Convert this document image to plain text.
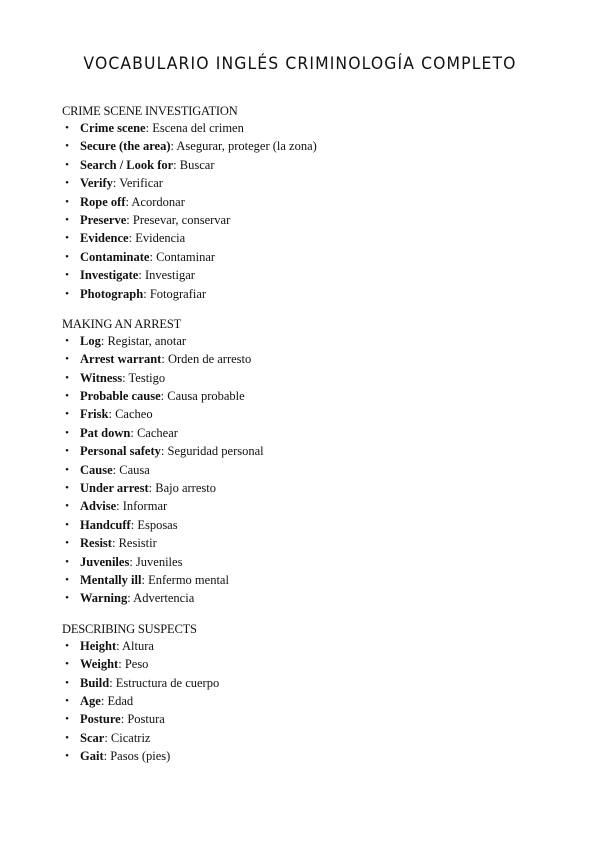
VOCABULARIO INGLÉS CRIMINOLOGÍA COMPLETO
CRIME SCENE INVESTIGATION
• Crime scene: Escena del crimen
• Secure (the area): Asegurar, proteger (la zona)
• Search / Look for: Buscar
• Verify: Verificar
• Rope off: Acordonar
• Preserve: Presevar, conservar
• Evidence: Evidencia
• Contaminate: Contaminar
• Investigate: Investigar
• Photograph: Fotografiar
MAKING AN ARREST
• Log: Registar, anotar
• Arrest warrant: Orden de arresto
• Witness: Testigo
• Probable cause: Causa probable
• Frisk: Cacheo
• Pat down: Cachear
• Personal safety: Seguridad personal
• Cause: Causa
• Under arrest: Bajo arresto
• Advise: Informar
• Handcuff: Esposas
• Resist: Resistir
• Juveniles: Juveniles
• Mentally ill: Enfermo mental
• Warning: Advertencia
DESCRIBING SUSPECTS
• Height: Altura
• Weight: Peso
• Build: Estructura de cuerpo
• Age: Edad
• Posture: Postura
• Scar: Cicatriz
• Gait: Pasos (pies)
